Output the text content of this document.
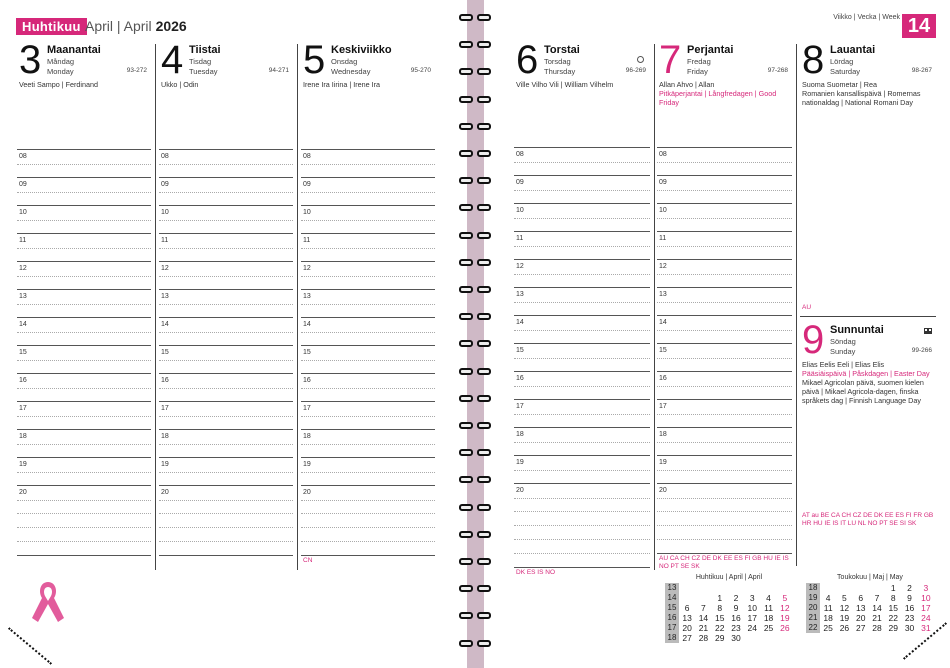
Huhtikuu April | April 2026
Viikko | Vecka | Week 14
3 Maanantai
Måndag
Monday	93-272
Veeti Sampo | Ferdinand
08
09
10
11
12
13
14
15
16
17
18
19
20
4 Tiistai
Tisdag
Tuesday	94-271
Ukko | Odin
08
09
10
11
12
13
14
15
16
17
18
19
20
5 Keskiviikko
Onsdag
Wednesday	95-270
Irene Ira Iirina | Irene Ira
08
09
10
11
12
13
14
15
16
17
18
19
20
CN
6 Torstai
Torsdag
Thursday	96-269
Ville Vilho Vili | William Vilhelm
08
09
10
11
12
13
14
15
16
17
18
19
20
DK ES IS NO
7 Perjantai
Fredag
Friday	97-268
Allan Ahvo | Allan
Pitkäperjantai | Långfredagen | Good Friday
08
09
10
11
12
13
14
15
16
17
18
19
20
AU CA CH CZ DE DK EE ES FI GB HU IE IS NO PT SE SK
8 Lauantai
Lördag
Saturday	98-267
Suoma Suometar | Rea
Romanien kansallispäivä | Romernas nationaldag | National Romani Day
AU
9 Sunnuntai
Söndag
Sunday	99-266
Elias Eelis Eeli | Elias Elis
Pääsiäispäivä | Påskdagen | Easter Day
Mikael Agricolan päivä, suomen kielen päivä | Mikael Agricola-dagen, finska språkets dag | Finnish Language Day
AT au BE CA CH CZ DE DK EE ES FI FR GB HR HU IE IS IT LU NL NO PT SE SI SK
Huhtikuu | April | April
13							
14			1	2	3	4	5
15	6	7	8	9	10	11	12
16	13	14	15	16	17	18	19
17	20	21	22	23	24	25	26
18	27	28	29	30			
Toukokuu | Maj | May
18					1	2	3
19	4	5	6	7	8	9	10
20	11	12	13	14	15	16	17
21	18	19	20	21	22	23	24
22	25	26	27	28	29	30	31
